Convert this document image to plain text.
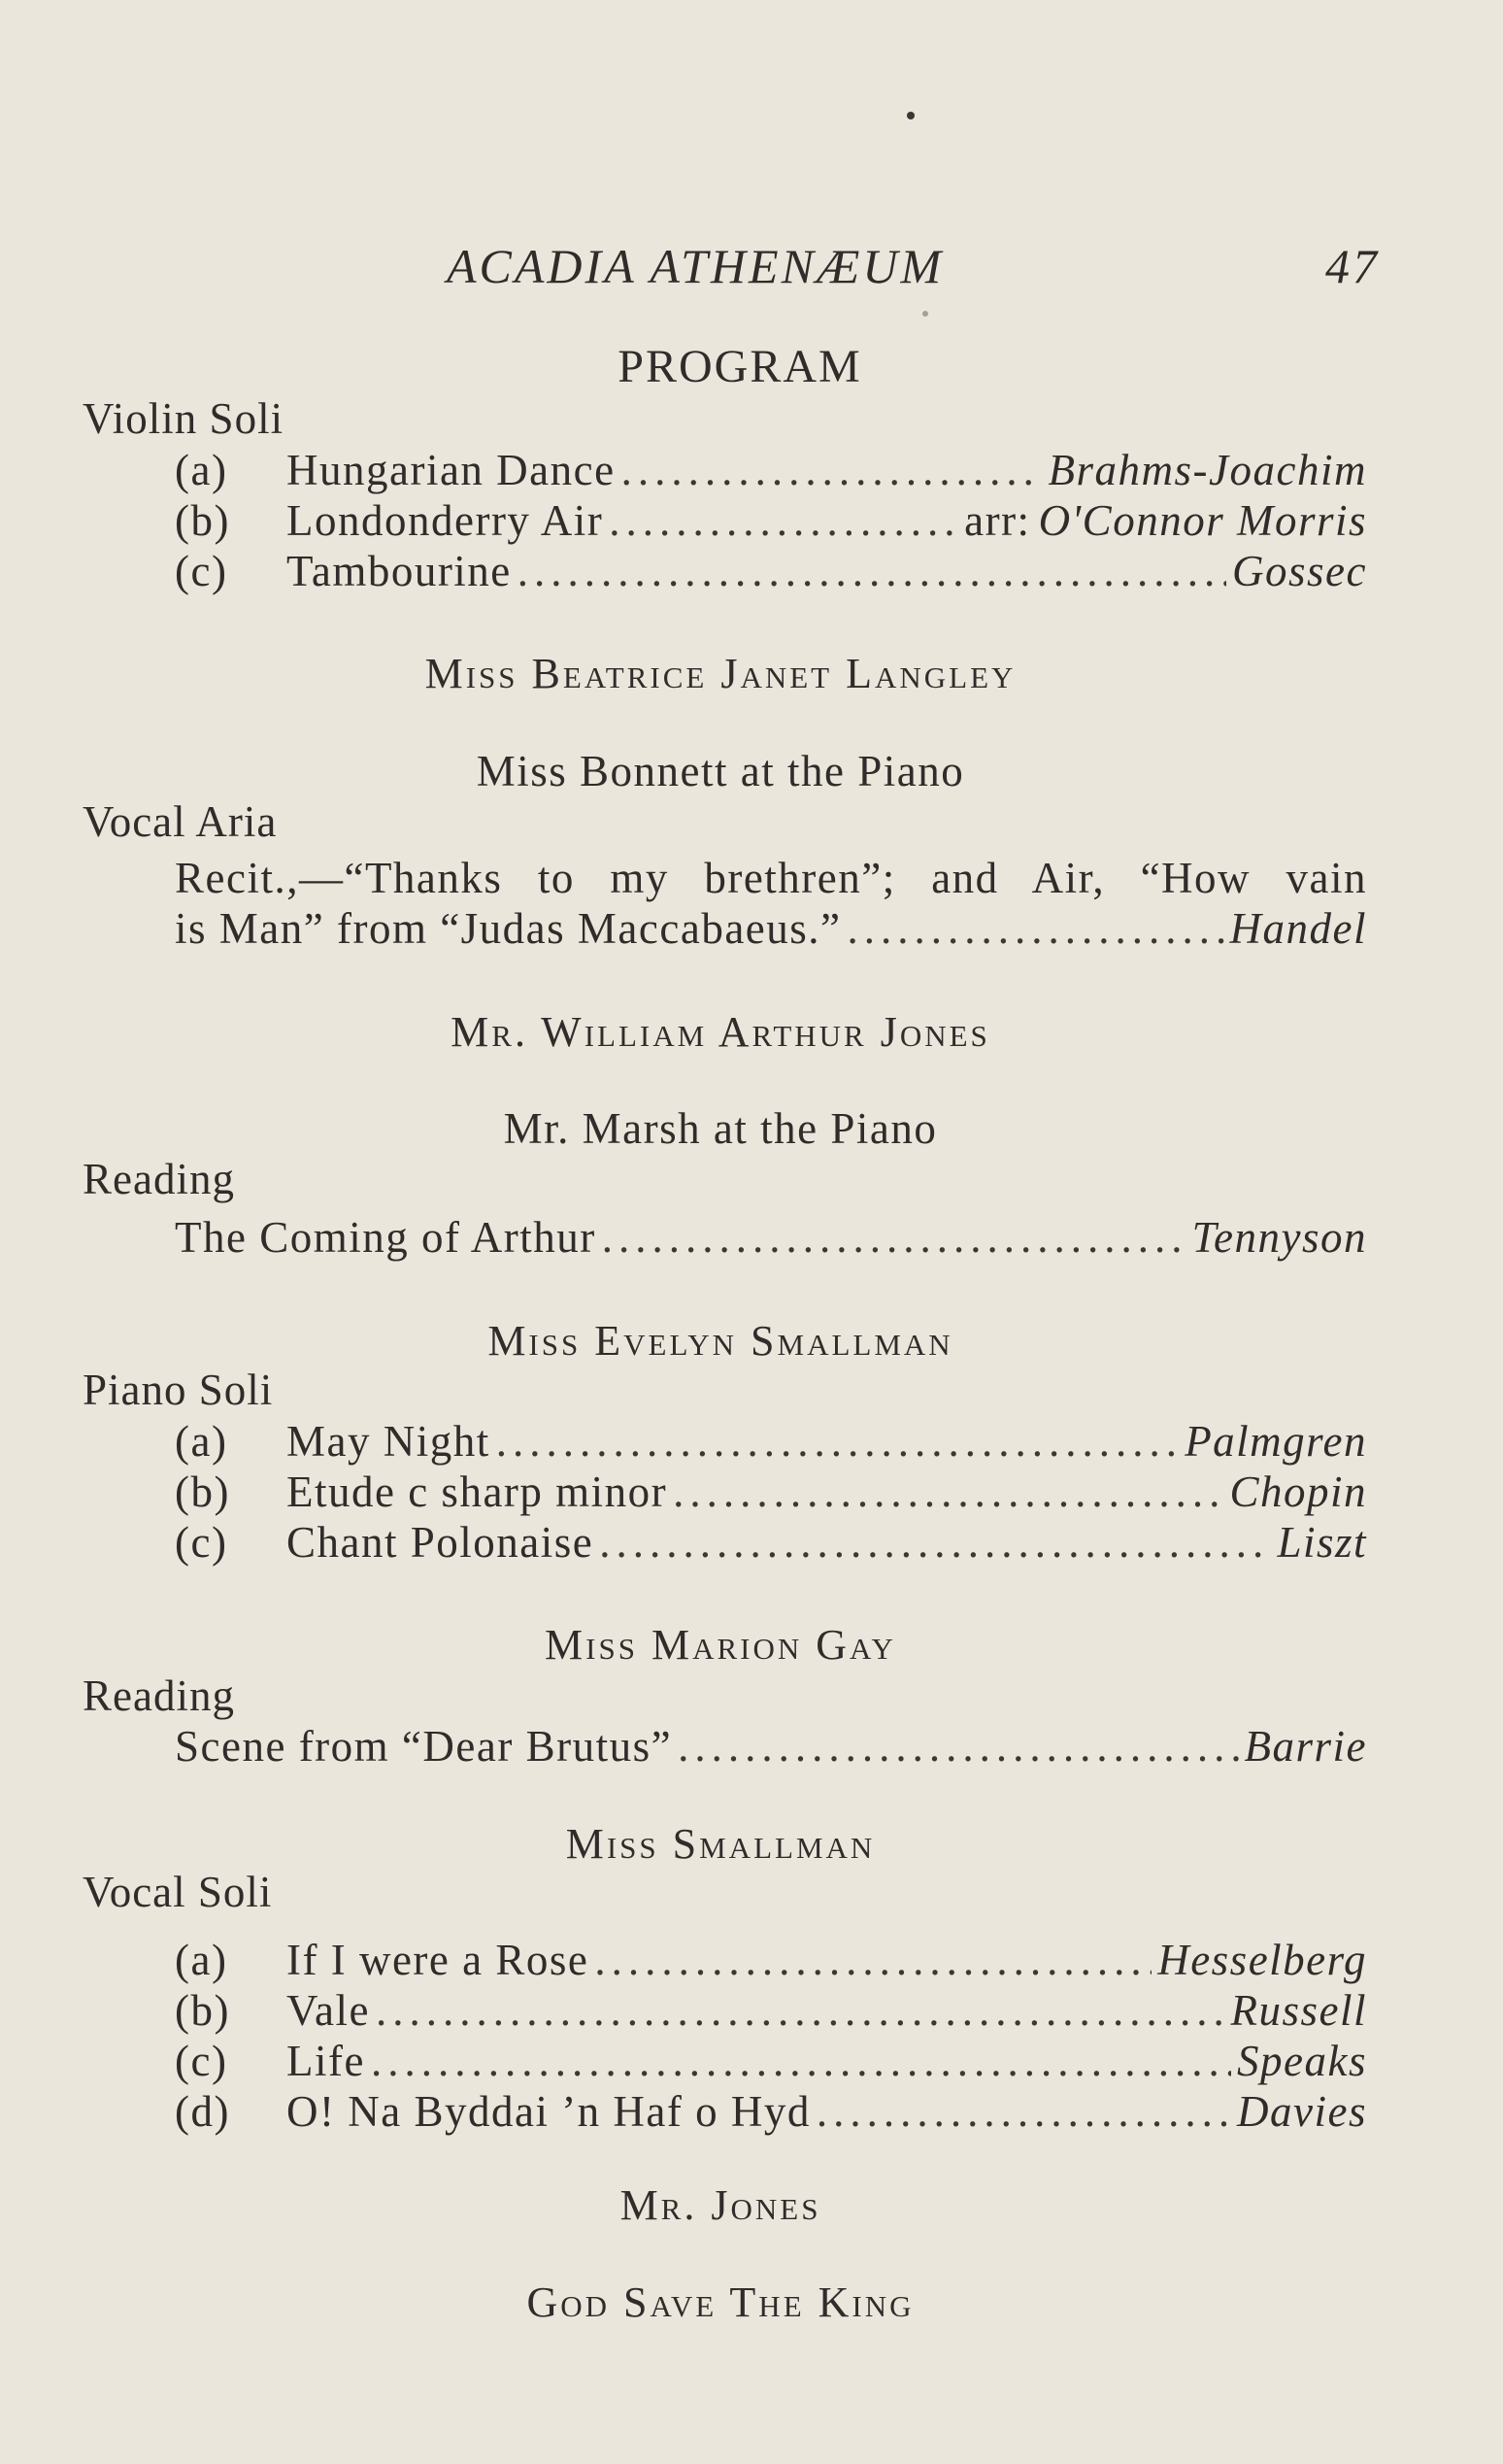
ACADIA ATHENÆUM	47
PROGRAM
Violin Soli
(a)	Hungarian Dance .....	Brahms-Joachim
(b)	Londonderry Air .....	arr: O'Connor Morris
(c)	Tambourine .....	Gossec
Miss Beatrice Janet Langley
Miss Bonnett at the Piano
Vocal Aria
Recit.,—“Thanks to my brethren”; and Air, “How vain
is Man” from “Judas Maccabaeus.” .....	Handel
Mr. William Arthur Jones
Mr. Marsh at the Piano
Reading
The Coming of Arthur .....	Tennyson
Miss Evelyn Smallman
Piano Soli
(a)	May Night .....	Palmgren
(b)	Etude c sharp minor .....	Chopin
(c)	Chant Polonaise .....	Liszt
Miss Marion Gay
Reading
Scene from “Dear Brutus” .....	Barrie
Miss Smallman
Vocal Soli
(a)	If I were a Rose .....	Hesselberg
(b)	Vale .....	Russell
(c)	Life .....	Speaks
(d)	O! Na Byddai ’n Haf o Hyd .....	Davies
Mr. Jones
God Save The King
